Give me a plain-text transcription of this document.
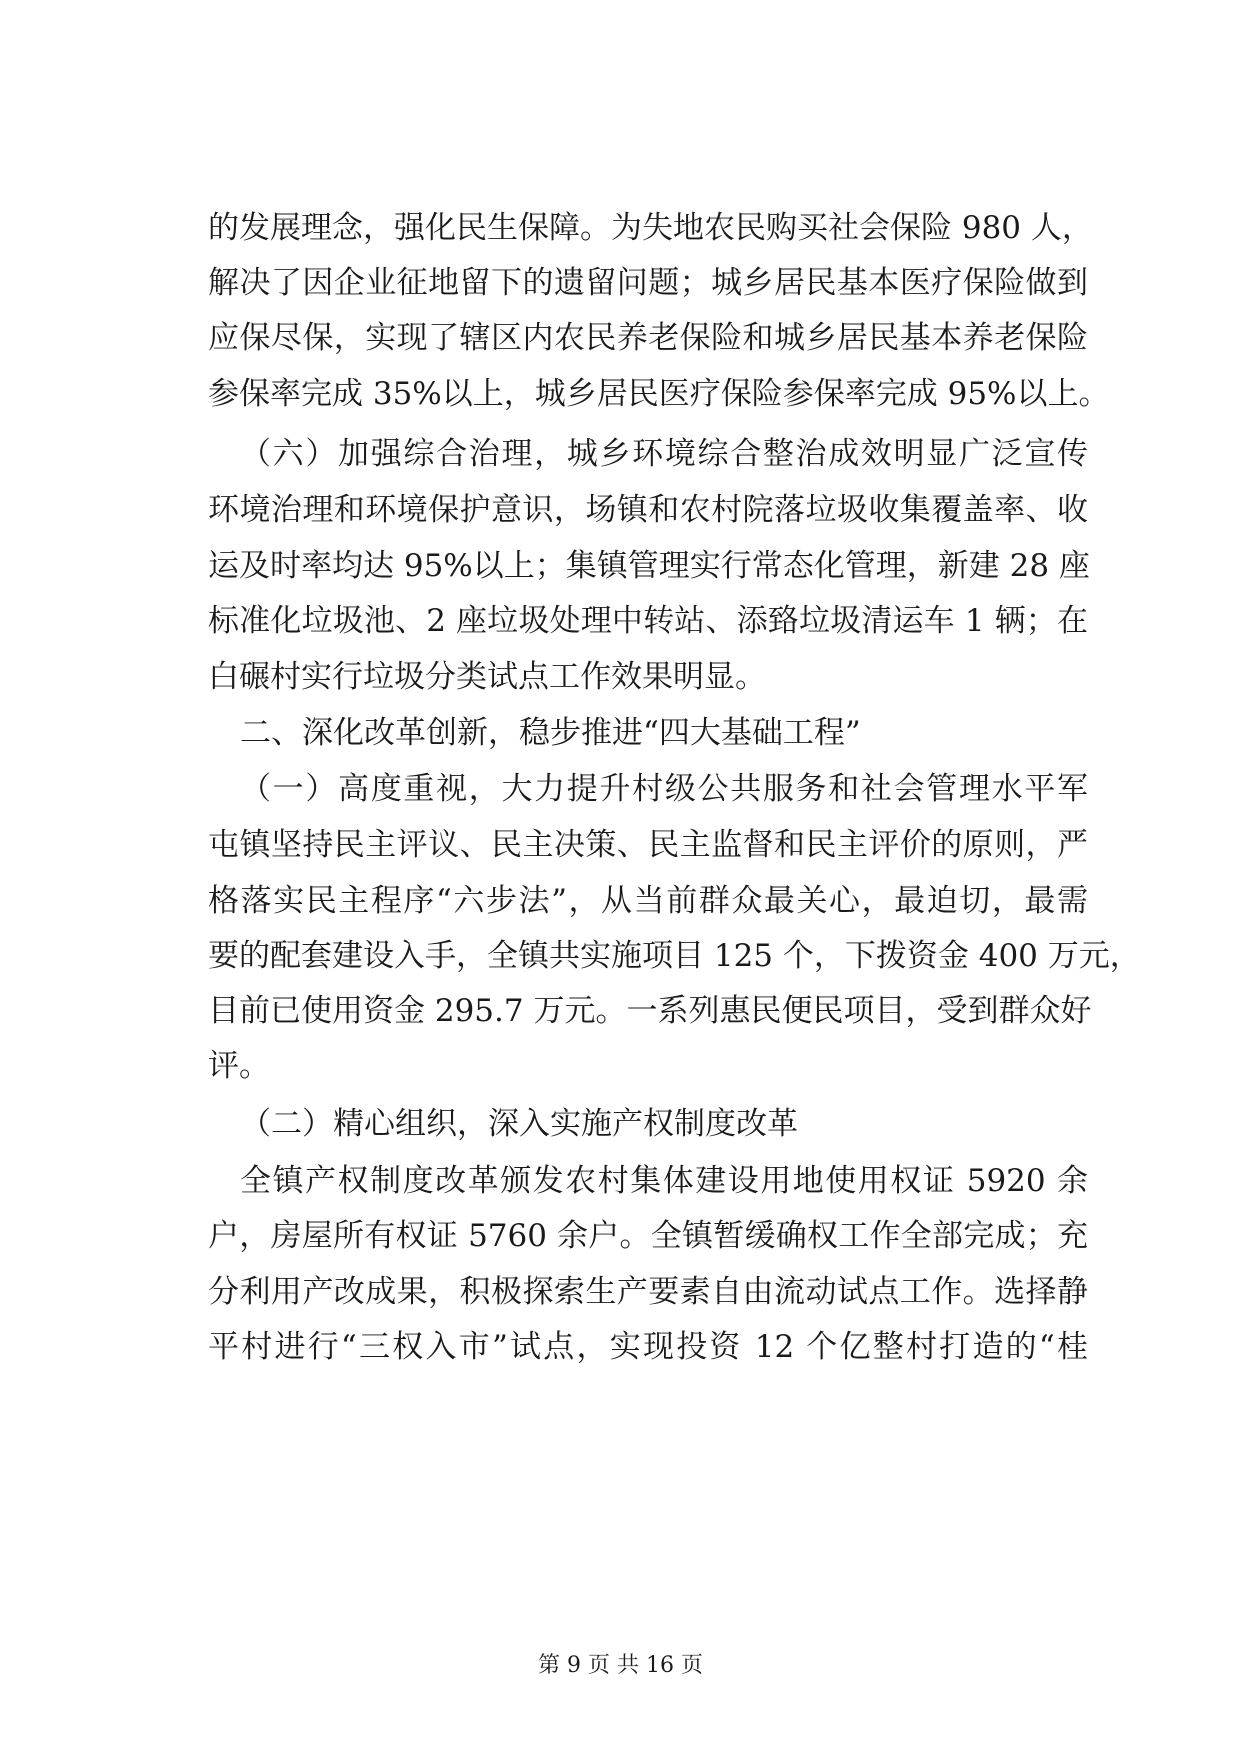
的发展理念，强化民生保障。为失地农民购买社会保险 980 人，
解决了因企业征地留下的遗留问题；城乡居民基本医疗保险做到
应保尽保，实现了辖区内农民养老保险和城乡居民基本养老保险
参保率完成 35%以上，城乡居民医疗保险参保率完成 95%以上。
（六）加强综合治理，城乡环境综合整治成效明显广泛宣传
环境治理和环境保护意识，场镇和农村院落垃圾收集覆盖率、收
运及时率均达 95%以上；集镇管理实行常态化管理，新建 28 座
标准化垃圾池、2 座垃圾处理中转站、添臵垃圾清运车 1 辆；在
白碾村实行垃圾分类试点工作效果明显。
二、深化改革创新，稳步推进“四大基础工程”
（一）高度重视，大力提升村级公共服务和社会管理水平军
屯镇坚持民主评议、民主决策、民主监督和民主评价的原则，严
格落实民主程序“六步法”，从当前群众最关心，最迫切，最需
要的配套建设入手，全镇共实施项目 125 个，下拨资金 400 万元，
目前已使用资金 295.7 万元。一系列惠民便民项目，受到群众好
评。
（二）精心组织，深入实施产权制度改革
全镇产权制度改革颁发农村集体建设用地使用权证 5920 余
户，房屋所有权证 5760 余户。全镇暂缓确权工作全部完成；充
分利用产改成果，积极探索生产要素自由流动试点工作。选择静
平村进行“三权入市”试点，实现投资 12 个亿整村打造的“桂
第 9 页 共 16 页
